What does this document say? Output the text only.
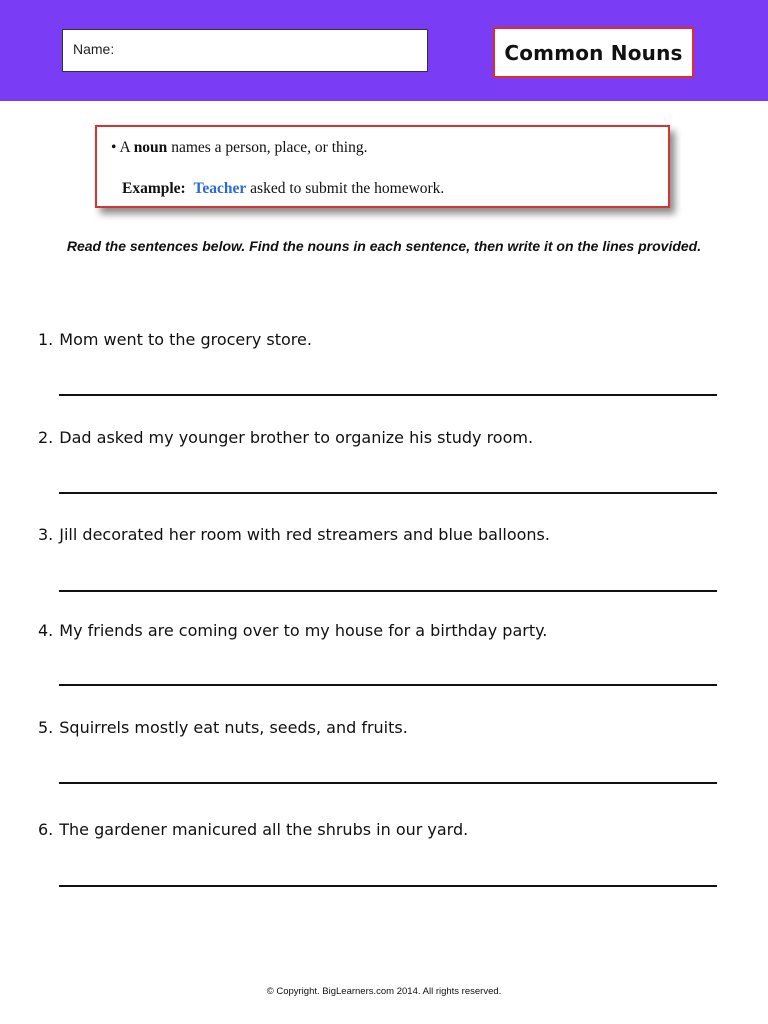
Name:	Common Nouns
• A noun names a person, place, or thing.
Example: Teacher asked to submit the homework.
Read the sentences below. Find the nouns in each sentence, then write it on the lines provided.
1. Mom went to the grocery store.
2. Dad asked my younger brother to organize his study room.
3. Jill decorated her room with red streamers and blue balloons.
4. My friends are coming over to my house for a birthday party.
5. Squirrels mostly eat nuts, seeds, and fruits.
6. The gardener manicured all the shrubs in our yard.
© Copyright. BigLearners.com 2014. All rights reserved.
